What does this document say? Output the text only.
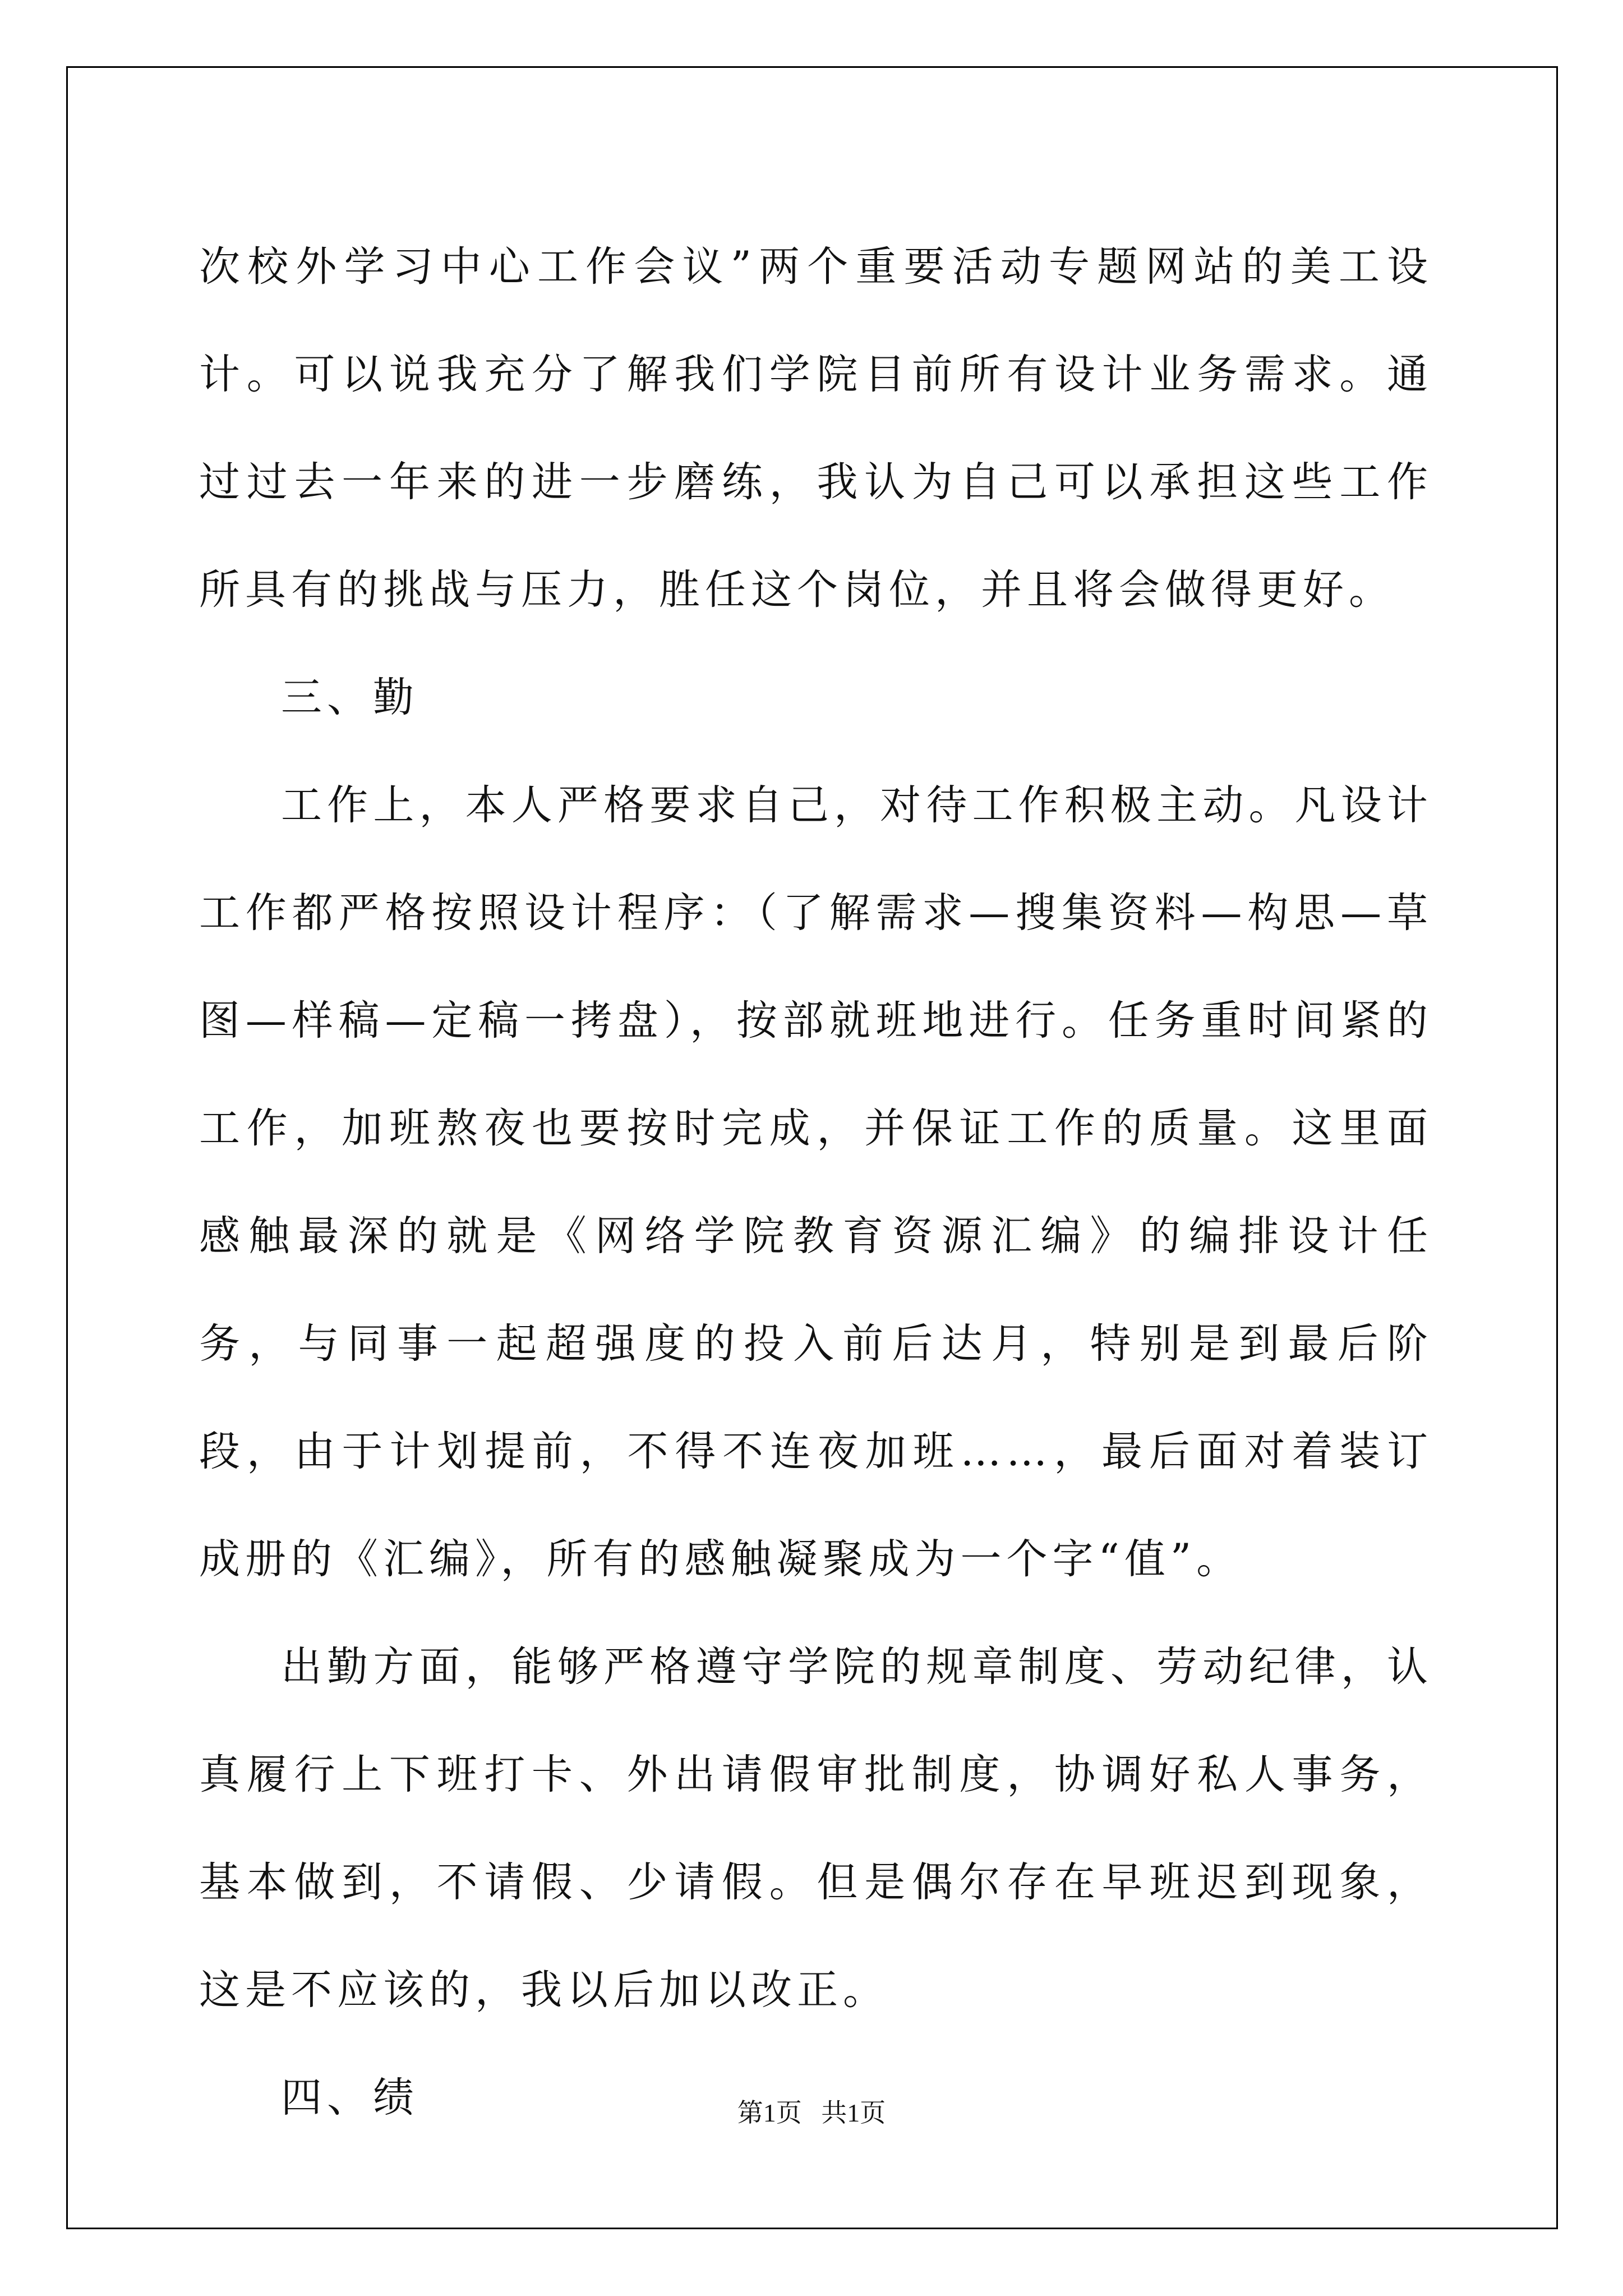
次校外学习中心工作会议”两个重要活动专题网站的美工设计。可以说我充分了解我们学院目前所有设计业务需求。通过过去一年来的进一步磨练，我认为自己可以承担这些工作所具有的挑战与压力，胜任这个岗位，并且将会做得更好。

三、勤

工作上，本人严格要求自己，对待工作积极主动。凡设计工作都严格按照设计程序：（了解需求—搜集资料—构思—草图—样稿—定稿一拷盘），按部就班地进行。任务重时间紧的工作，加班熬夜也要按时完成，并保证工作的质量。这里面感触最深的就是《网络学院教育资源汇编》的编排设计任务，与同事一起超强度的投入前后达月，特别是到最后阶段，由于计划提前，不得不连夜加班……，最后面对着装订成册的《汇编》，所有的感触凝聚成为一个字“值”。

出勤方面，能够严格遵守学院的规章制度、劳动纪律，认真履行上下班打卡、外出请假审批制度，协调好私人事务，基本做到，不请假、少请假。但是偶尔存在早班迟到现象，这是不应该的，我以后加以改正。

四、绩	第1页 共1页
